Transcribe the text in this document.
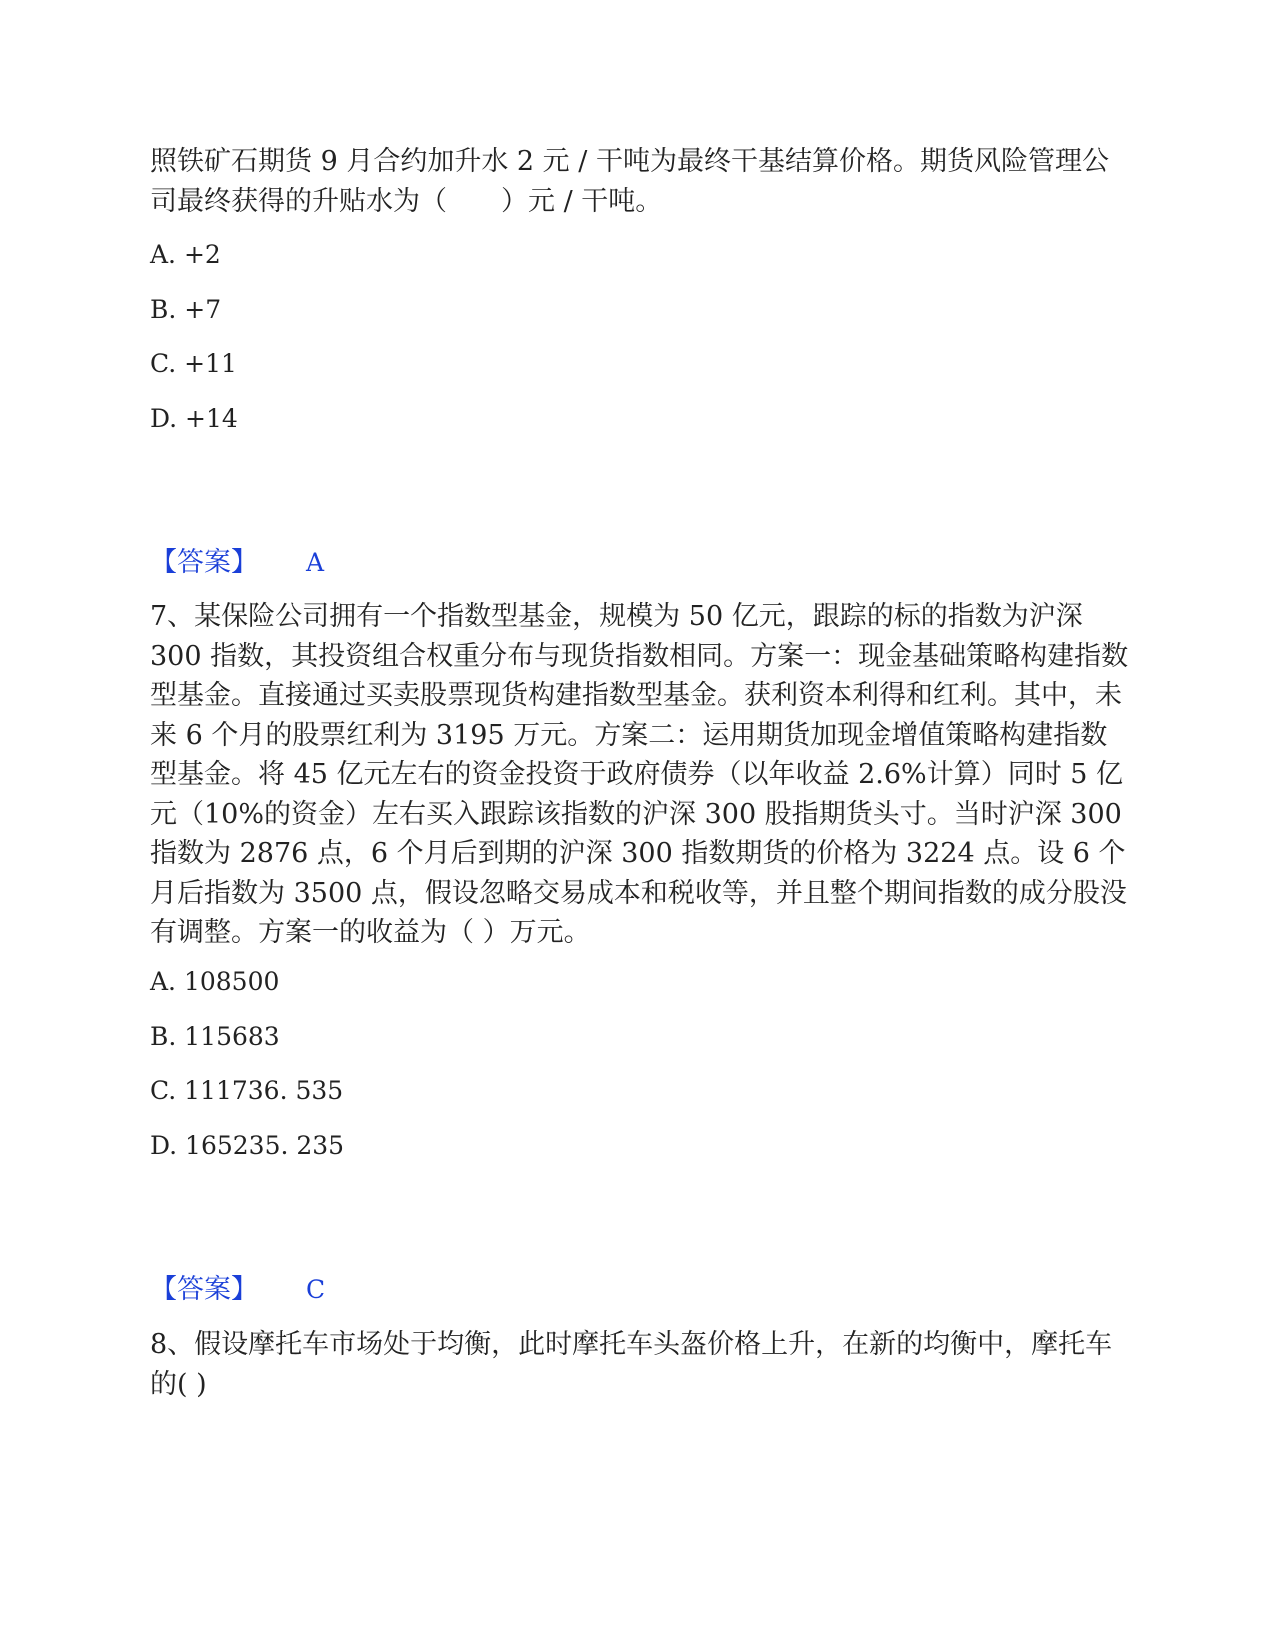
照铁矿石期货 9 月合约加升水 2 元 / 干吨为最终干基结算价格。期货风险管理公司最终获得的升贴水为（　　）元 / 干吨。

A. +2
B. +7
C. +11
D. +14
【答案】 A

7、某保险公司拥有一个指数型基金，规模为 50 亿元，跟踪的标的指数为沪深 300 指数，其投资组合权重分布与现货指数相同。方案一：现金基础策略构建指数型基金。直接通过买卖股票现货构建指数型基金。获利资本利得和红利。其中，未来 6 个月的股票红利为 3195 万元。方案二：运用期货加现金增值策略构建指数型基金。将 45 亿元左右的资金投资于政府债券（以年收益 2.6%计算）同时 5 亿元（10%的资金）左右买入跟踪该指数的沪深 300 股指期货头寸。当时沪深 300 指数为 2876 点，6 个月后到期的沪深 300 指数期货的价格为 3224 点。设 6 个月后指数为 3500 点，假设忽略交易成本和税收等，并且整个期间指数的成分股没有调整。方案一的收益为（ ）万元。

A. 108500
B. 115683
C. 111736. 535
D. 165235. 235
【答案】 C

8、假设摩托车市场处于均衡，此时摩托车头盔价格上升，在新的均衡中，摩托车的( )
